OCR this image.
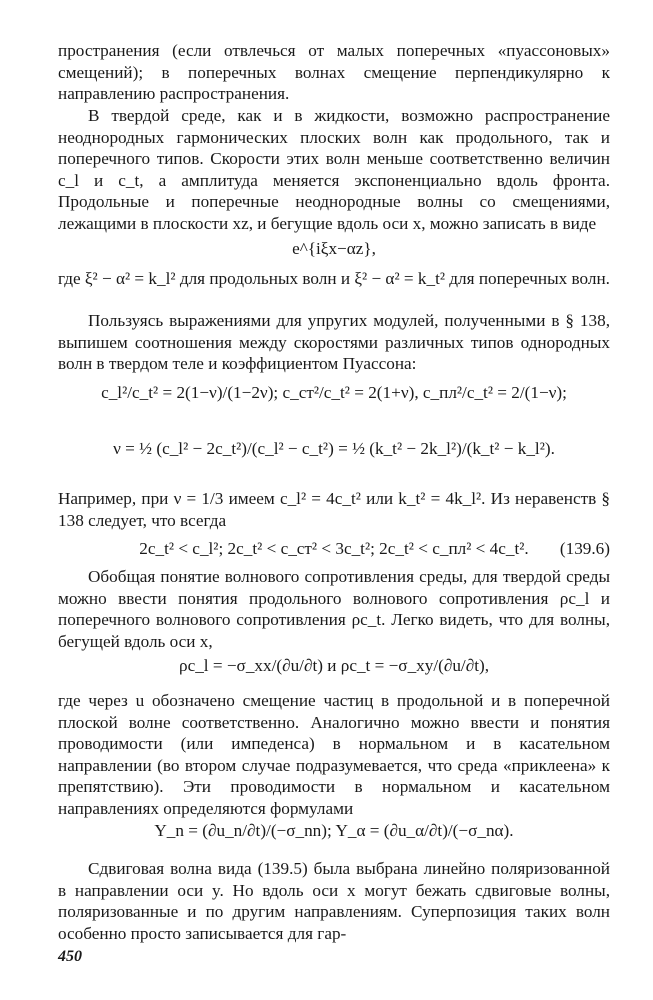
пространения (если отвлечься от малых поперечных «пуассоновых» смещений); в поперечных волнах смещение перпендикулярно к направлению распространения.

В твердой среде, как и в жидкости, возможно распространение неоднородных гармонических плоских волн как продольного, так и поперечного типов. Скорости этих волн меньше соответственно величин c_l и c_t, а амплитуда меняется экспоненциально вдоль фронта. Продольные и поперечные неоднородные волны со смещениями, лежащими в плоскости xz, и бегущие вдоль оси x, можно записать в виде

e^{iξx−αz},

где ξ² − α² = k_l² для продольных волн и ξ² − α² = k_t² для поперечных волн.

Пользуясь выражениями для упругих модулей, полученными в § 138, выпишем соотношения между скоростями различных типов однородных волн в твердом теле и коэффициентом Пуассона:

c_l²/c_t² = 2(1−ν)/(1−2ν); c_ст²/c_t² = 2(1+ν), c_пл²/c_t² = 2/(1−ν);
ν = ½ (c_l² − 2c_t²)/(c_l² − c_t²) = ½ (k_t² − 2k_l²)/(k_t² − k_l²).

Например, при ν = 1/3 имеем c_l² = 4c_t² или k_t² = 4k_l². Из неравенств § 138 следует, что всегда

2c_t² < c_l²; 2c_t² < c_ст² < 3c_t²; 2c_t² < c_пл² < 4c_t². (139.6)

Обобщая понятие волнового сопротивления среды, для твердой среды можно ввести понятия продольного волнового сопротивления ρc_l и поперечного волнового сопротивления ρc_t. Легко видеть, что для волны, бегущей вдоль оси x,

ρc_l = −σ_xx/(∂u/∂t) и ρc_t = −σ_xy/(∂u/∂t),

где через u обозначено смещение частиц в продольной и в поперечной плоской волне соответственно. Аналогично можно ввести и понятия проводимости (или импеденса) в нормальном и в касательном направлении (во втором случае подразумевается, что среда «приклеена» к препятствию). Эти проводимости в нормальном и касательном направлениях определяются формулами

Y_n = (∂u_n/∂t)/(−σ_nn); Y_α = (∂u_α/∂t)/(−σ_nα).

Сдвиговая волна вида (139.5) была выбрана линейно поляризованной в направлении оси y. Но вдоль оси x могут бежать сдвиговые волны, поляризованные и по другим направлениям. Суперпозиция таких волн особенно просто записывается для гар-

450
